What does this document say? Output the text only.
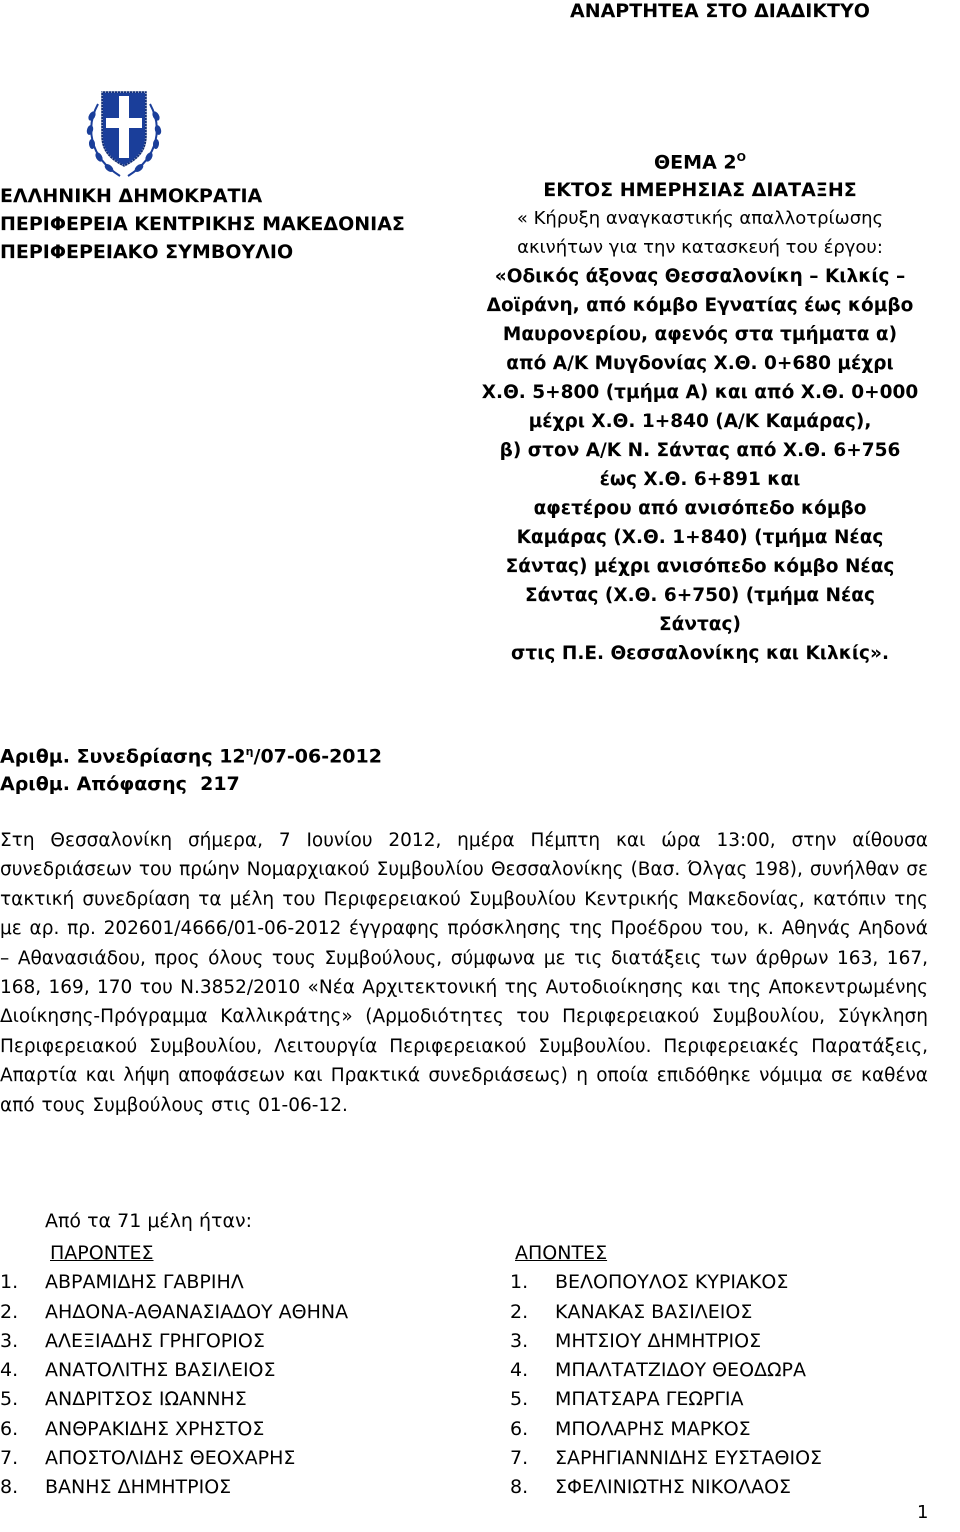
ΑΝΑΡΤΗΤΕΑ ΣΤΟ ΔΙΑΔΙΚΤΥΟ
ΕΛΛΗΝΙΚΗ ΔΗΜΟΚΡΑΤΙΑ
ΠΕΡΙΦΕΡΕΙΑ ΚΕΝΤΡΙΚΗΣ ΜΑΚΕΔΟΝΙΑΣ
ΠΕΡΙΦΕΡΕΙΑΚΟ ΣΥΜΒΟΥΛΙΟ
ΘΕΜΑ $2^O$
ΕΚΤΟΣ ΗΜΕΡΗΣΙΑΣ ΔΙΑΤΑΞΗΣ
« Κήρυξη αναγκαστικής απαλλοτρίωσης
ακινήτων για την κατασκευή του έργου:
«Οδικός άξονας Θεσσαλονίκη – Κιλκίς –
Δοϊράνη, από κόμβο Εγνατίας έως κόμβο
Μαυρονερίου, αφενός στα τμήματα α)
από Α/Κ Μυγδονίας Χ.Θ. 0+680 μέχρι
Χ.Θ. 5+800 (τμήμα Α) και από Χ.Θ. 0+000
μέχρι Χ.Θ. 1+840 (Α/Κ Καμάρας),
β) στον Α/Κ Ν. Σάντας από Χ.Θ. 6+756
έως Χ.Θ. 6+891 και
αφετέρου από ανισόπεδο κόμβο
Καμάρας (Χ.Θ. 1+840) (τμήμα Νέας
Σάντας) μέχρι ανισόπεδο κόμβο Νέας
Σάντας (Χ.Θ. 6+750) (τμήμα Νέας
Σάντας)
στις Π.Ε. Θεσσαλονίκης και Κιλκίς».
Αριθμ. Συνεδρίασης $12^\eta/07-06-2012$
Αριθμ. Απόφασης  217
Στη Θεσσαλονίκη σήμερα, 7 Ιουνίου 2012, ημέρα Πέμπτη και ώρα 13:00, στην αίθουσα συνεδριάσεων του πρώην Νομαρχιακού Συμβουλίου Θεσσαλονίκης (Βασ. Όλγας 198), συνήλθαν σε τακτική συνεδρίαση τα μέλη του Περιφερειακού Συμβουλίου Κεντρικής Μακεδονίας, κατόπιν της με αρ. πρ. 202601/4666/01-06-2012 έγγραφης πρόσκλησης της Προέδρου του, κ. Αθηνάς Αηδονά – Αθανασιάδου, προς όλους τους Συμβούλους, σύμφωνα με τις διατάξεις των άρθρων 163, 167, 168, 169, 170 του Ν.3852/2010 «Νέα Αρχιτεκτονική της Αυτοδιοίκησης και της Αποκεντρωμένης Διοίκησης-Πρόγραμμα Καλλικράτης» (Αρμοδιότητες του Περιφερειακού Συμβουλίου, Σύγκληση Περιφερειακού Συμβουλίου, Λειτουργία Περιφερειακού Συμβουλίου. Περιφερειακές Παρατάξεις, Απαρτία και λήψη αποφάσεων και Πρακτικά συνεδριάσεως) η οποία επιδόθηκε νόμιμα σε καθένα από τους Συμβούλους στις 01-06-12.
Από τα 71 μέλη ήταν:
ΠΑΡΟΝΤΕΣ
1. ΑΒΡΑΜΙΔΗΣ ΓΑΒΡΙΗΛ
2. ΑΗΔΟΝΑ-ΑΘΑΝΑΣΙΑΔΟΥ ΑΘΗΝΑ
3. ΑΛΕΞΙΑΔΗΣ ΓΡΗΓΟΡΙΟΣ
4. ΑΝΑΤΟΛΙΤΗΣ ΒΑΣΙΛΕΙΟΣ
5. ΑΝΔΡΙΤΣΟΣ ΙΩΑΝΝΗΣ
6. ΑΝΘΡΑΚΙΔΗΣ ΧΡΗΣΤΟΣ
7. ΑΠΟΣΤΟΛΙΔΗΣ ΘΕΟΧΑΡΗΣ
8. ΒΑΝΗΣ ΔΗΜΗΤΡΙΟΣ
ΑΠΟΝΤΕΣ
1. ΒΕΛΟΠΟΥΛΟΣ ΚΥΡΙΑΚΟΣ
2. ΚΑΝΑΚΑΣ ΒΑΣΙΛΕΙΟΣ
3. ΜΗΤΣΙΟΥ ΔΗΜΗΤΡΙΟΣ
4. ΜΠΑΛΤΑΤΖΙΔΟΥ ΘΕΟΔΩΡΑ
5. ΜΠΑΤΣΑΡΑ ΓΕΩΡΓΙΑ
6. ΜΠΟΛΑΡΗΣ ΜΑΡΚΟΣ
7. ΣΑΡΗΓΙΑΝΝΙΔΗΣ ΕΥΣΤΑΘΙΟΣ
8. ΣΦΕΛΙΝΙΩΤΗΣ ΝΙΚΟΛΑΟΣ
1
